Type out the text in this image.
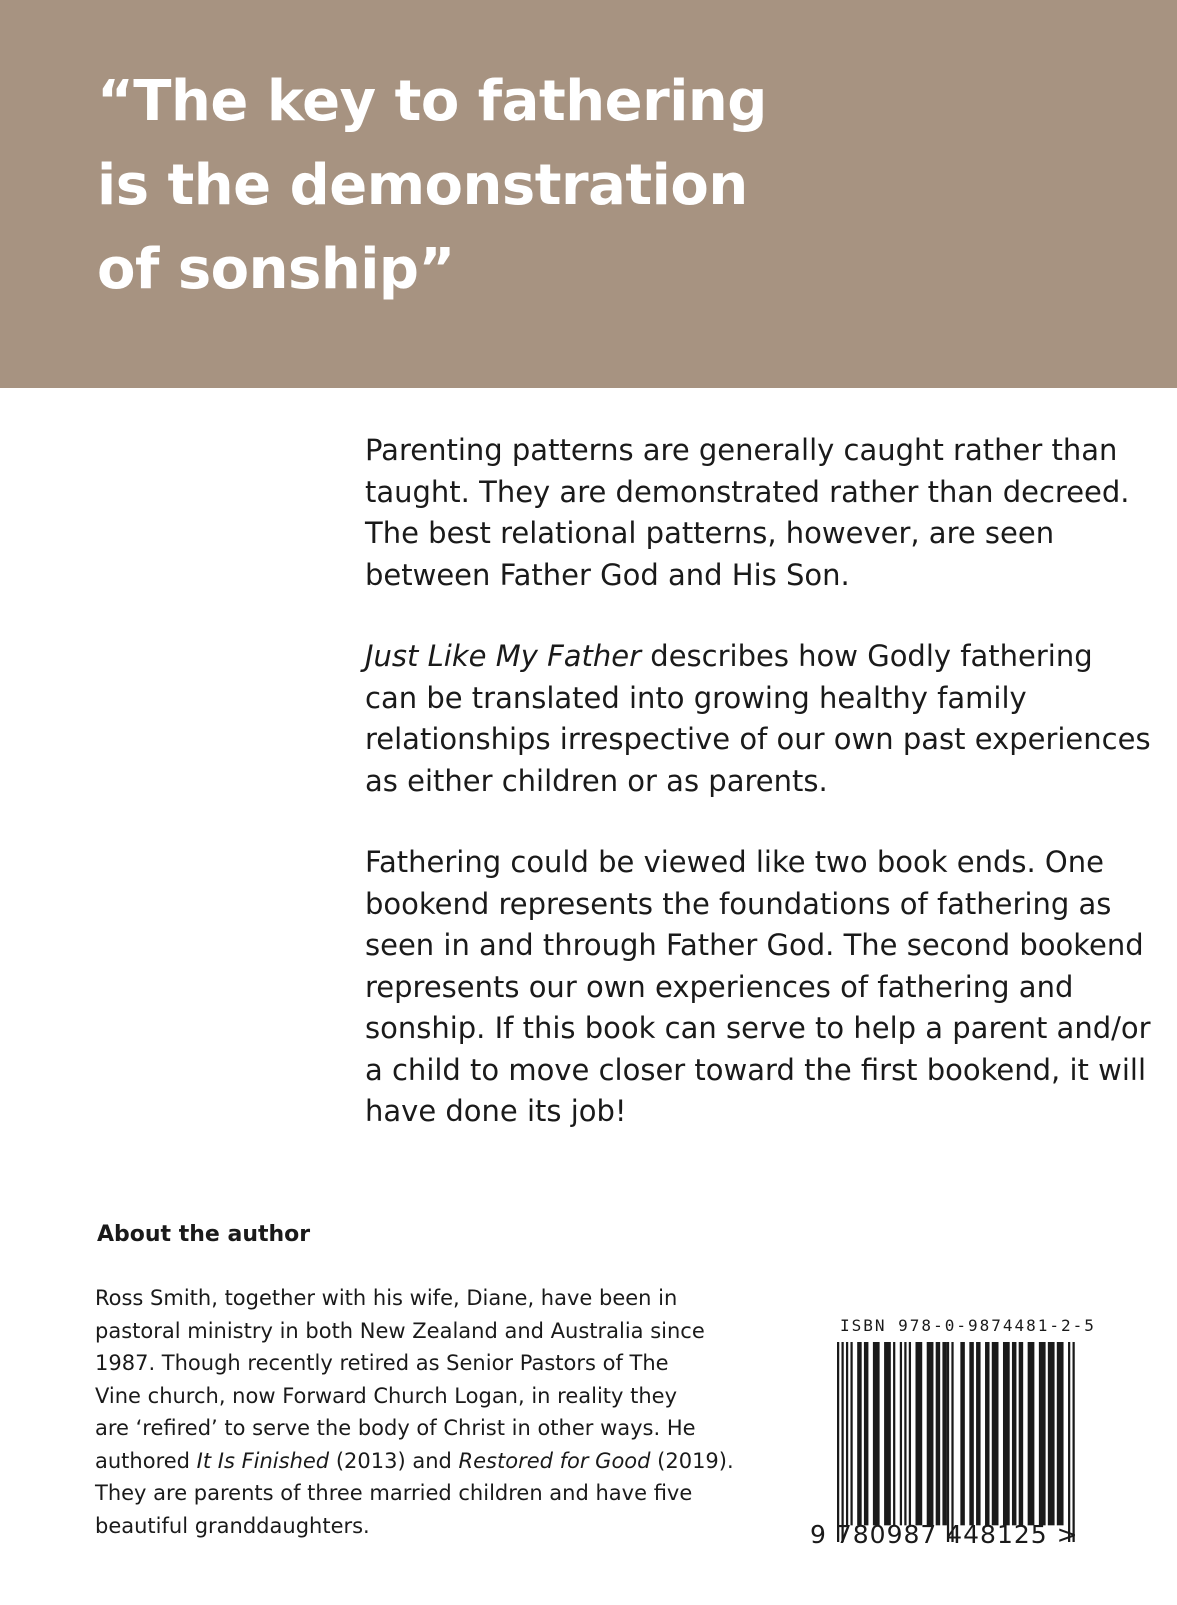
“The key to fathering
is the demonstration
of sonship”

Parenting patterns are generally caught rather than
taught. They are demonstrated rather than decreed.
The best relational patterns, however, are seen
between Father God and His Son.

Just Like My Father describes how Godly fathering
can be translated into growing healthy family
relationships irrespective of our own past experiences
as either children or as parents.

Fathering could be viewed like two book ends. One
bookend represents the foundations of fathering as
seen in and through Father God. The second bookend
represents our own experiences of fathering and
sonship. If this book can serve to help a parent and/or
a child to move closer toward the first bookend, it will
have done its job!

About the author

Ross Smith, together with his wife, Diane, have been in
pastoral ministry in both New Zealand and Australia since
1987. Though recently retired as Senior Pastors of The
Vine church, now Forward Church Logan, in reality they
are ‘refired’ to serve the body of Christ in other ways. He
authored It Is Finished (2013) and Restored for Good (2019).
They are parents of three married children and have five
beautiful granddaughters.

ISBN 978-0-9874481-2-5
9 780987 448125 >
